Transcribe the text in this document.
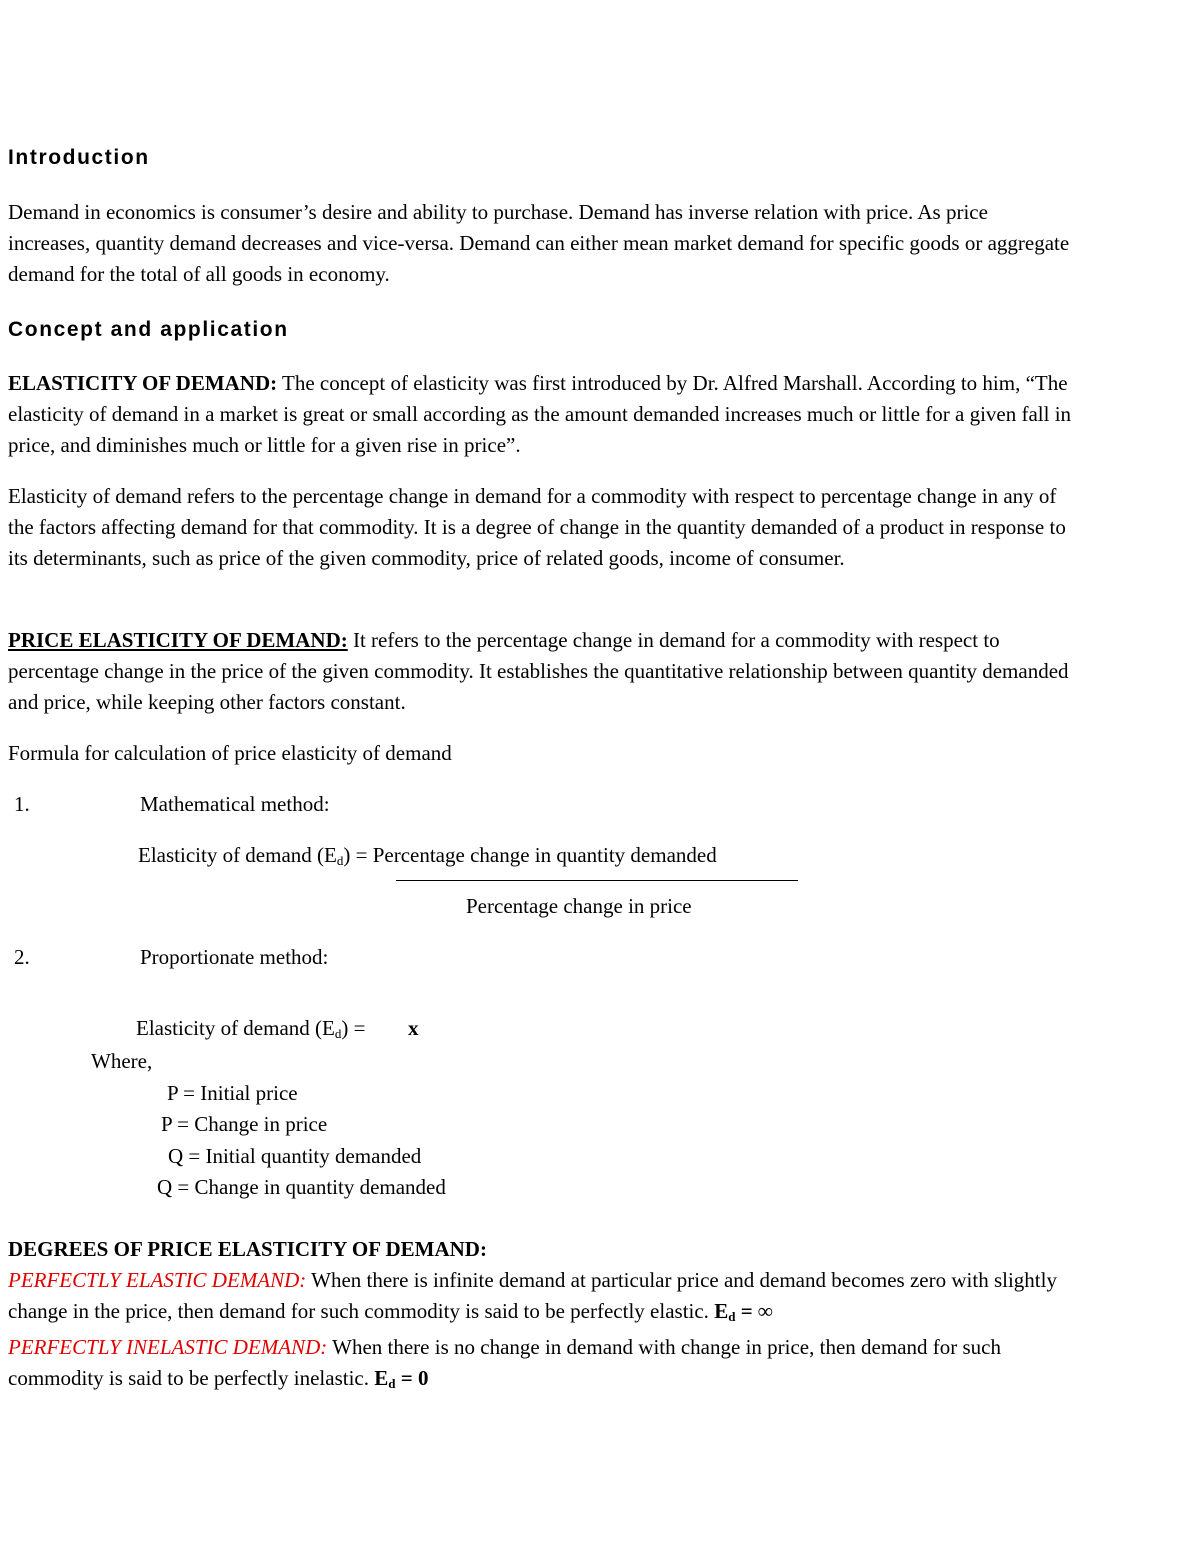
Introduction

Demand in economics is consumer’s desire and ability to purchase. Demand has inverse relation with price. As price increases, quantity demand decreases and vice-versa. Demand can either mean market demand for specific goods or aggregate demand for the total of all goods in economy.

Concept and application

ELASTICITY OF DEMAND: The concept of elasticity was first introduced by Dr. Alfred Marshall. According to him, “The elasticity of demand in a market is great or small according as the amount demanded increases much or little for a given fall in price, and diminishes much or little for a given rise in price”.

Elasticity of demand refers to the percentage change in demand for a commodity with respect to percentage change in any of the factors affecting demand for that commodity. It is a degree of change in the quantity demanded of a product in response to its determinants, such as price of the given commodity, price of related goods, income of consumer.

PRICE ELASTICITY OF DEMAND: It refers to the percentage change in demand for a commodity with respect to percentage change in the price of the given commodity. It establishes the quantitative relationship between quantity demanded and price, while keeping other factors constant.

Formula for calculation of price elasticity of demand

1.	Mathematical method:
Elasticity of demand $(E_d)$ = Percentage change in quantity demanded
Percentage change in price
2.	Proportionate method:
Elasticity of demand $(E_d) = x$
Where,
P = Initial price
P = Change in price
Q = Initial quantity demanded
Q = Change in quantity demanded

DEGREES OF PRICE ELASTICITY OF DEMAND:
PERFECTLY ELASTIC DEMAND: When there is infinite demand at particular price and demand becomes zero with slightly change in the price, then demand for such commodity is said to be perfectly elastic. $E_d$ = ∞
PERFECTLY INELASTIC DEMAND: When there is no change in demand with change in price, then demand for such commodity is said to be perfectly inelastic. $E_d = 0$
